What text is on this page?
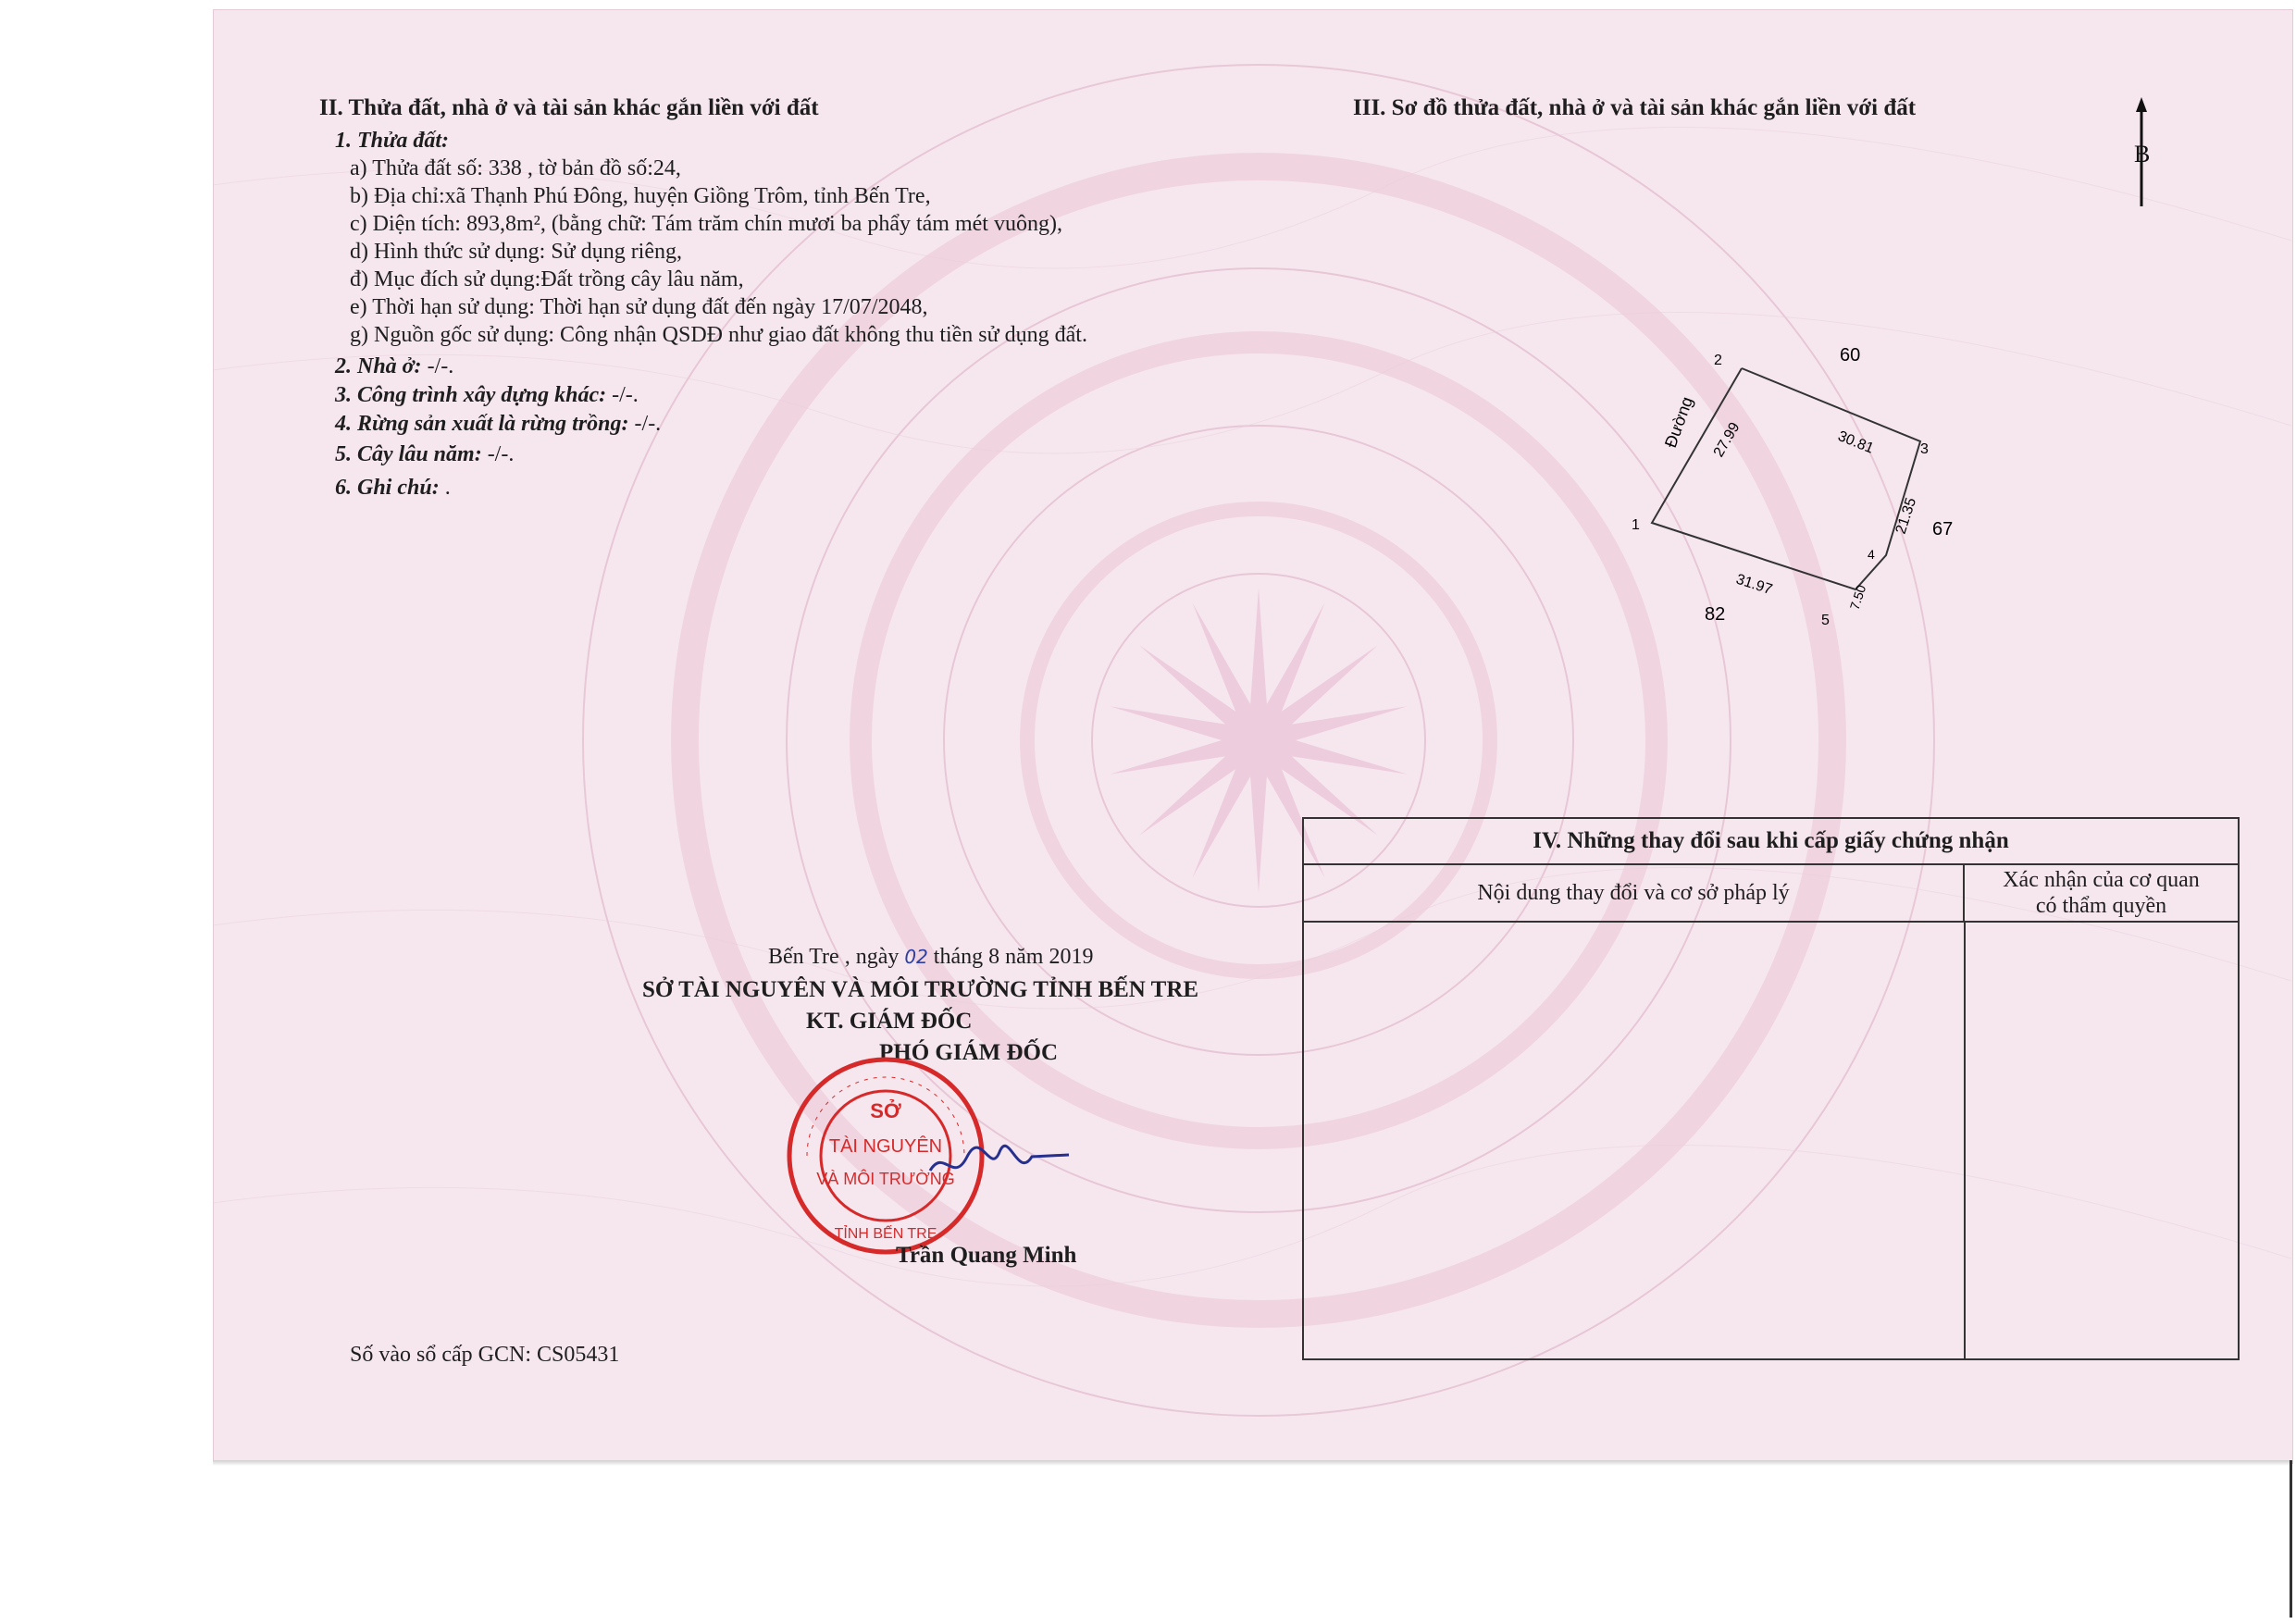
II. Thửa đất, nhà ở và tài sản khác gắn liền với đất
1. Thửa đất:
a) Thửa đất số: 338 , tờ bản đồ số:24,
b) Địa chỉ:xã Thạnh Phú Đông, huyện Giồng Trôm, tỉnh Bến Tre,
c) Diện tích: 893,8m², (bằng chữ: Tám trăm chín mươi ba phẩy tám mét vuông),
d) Hình thức sử dụng: Sử dụng riêng,
đ) Mục đích sử dụng:Đất trồng cây lâu năm,
e) Thời hạn sử dụng: Thời hạn sử dụng đất đến ngày 17/07/2048,
g) Nguồn gốc sử dụng: Công nhận QSDĐ như giao đất không thu tiền sử dụng đất.
2. Nhà ở: -/-.
3. Công trình xây dựng khác: -/-.
4. Rừng sản xuất là rừng trồng: -/-.
5. Cây lâu năm: -/-.
6. Ghi chú: .
III. Sơ đồ thửa đất, nhà ở và tài sản khác gắn liền với đất
B
2
3
4
5
1
30.81
27.99
21.35
31.97	7.50
Đường
60
67
82
IV. Những thay đổi sau khi cấp giấy chứng nhận
Nội dung thay đổi và cơ sở pháp lý
Xác nhận của cơ quan
có thẩm quyền
Bến Tre , ngày 02 tháng 8 năm 2019
SỞ TÀI NGUYÊN VÀ MÔI TRƯỜNG TỈNH BẾN TRE
KT. GIÁM ĐỐC
PHÓ GIÁM ĐỐC
SỞ
TÀI NGUYÊN
VÀ MÔI TRƯỜNG
TỈNH BẾN TRE
Trần Quang Minh
Số vào sổ cấp GCN: CS05431
